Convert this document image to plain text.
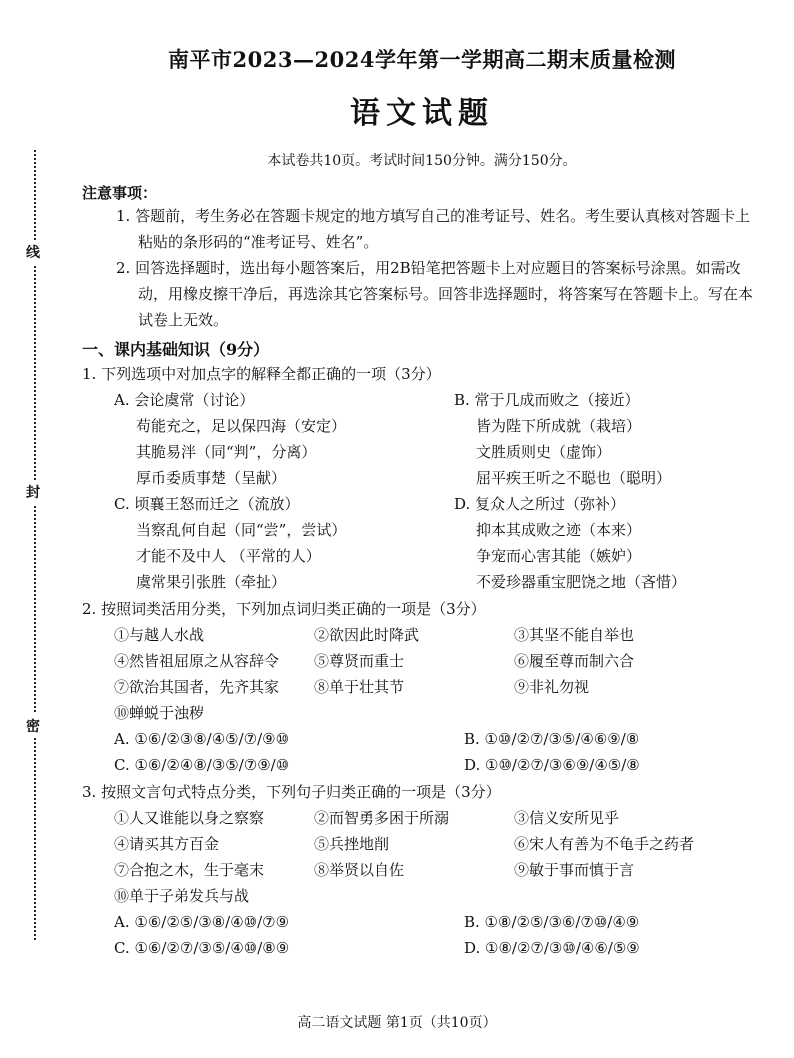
线
封
密
南平市2023—2024学年第一学期高二期末质量检测
语文试题
本试卷共10页。考试时间150分钟。满分150分。
注意事项：
1. 答题前，考生务必在答题卡规定的地方填写自己的准考证号、姓名。考生要认真核对答题卡上粘贴的条形码的“准考证号、姓名”。
2. 回答选择题时，选出每小题答案后，用2B铅笔把答题卡上对应题目的答案标号涂黑。如需改动，用橡皮擦干净后，再选涂其它答案标号。回答非选择题时，将答案写在答题卡上。写在本试卷上无效。
一、课内基础知识（9分）
1. 下列选项中对加点字的解释全都正确的一项（3分）
A. 会论虞常（讨论）
苟能充之，足以保四海（安定）
其脆易泮（同“判”，分离）
厚币委质事楚（呈献）
B. 常于几成而败之（接近）
皆为陛下所成就（栽培）
文胜质则史（虚饰）
屈平疾王听之不聪也（聪明）
C. 顷襄王怒而迁之（流放）
当察乱何自起（同“尝”，尝试）
才能不及中人 （平常的人）
虞常果引张胜（牵扯）
D. 复众人之所过（弥补）
抑本其成败之迹（本来）
争宠而心害其能（嫉妒）
不爱珍器重宝肥饶之地（吝惜）
2. 按照词类活用分类，下列加点词归类正确的一项是（3分）
①与越人水战	②欲因此时降武	③其坚不能自举也
④然皆祖屈原之从容辞令	⑤尊贤而重士	⑥履至尊而制六合
⑦欲治其国者，先齐其家	⑧单于壮其节	⑨非礼勿视
⑩蝉蜕于浊秽
A. ①⑥/②③⑧/④⑤/⑦/⑨⑩	B. ①⑩/②⑦/③⑤/④⑥⑨/⑧
C. ①⑥/②④⑧/③⑤/⑦⑨/⑩	D. ①⑩/②⑦/③⑥⑨/④⑤/⑧
3. 按照文言句式特点分类，下列句子归类正确的一项是（3分）
①人又谁能以身之察察	②而智勇多困于所溺	③信义安所见乎
④请买其方百金	⑤兵挫地削	⑥宋人有善为不龟手之药者
⑦合抱之木，生于毫末	⑧举贤以自佐	⑨敏于事而慎于言
⑩单于子弟发兵与战
A. ①⑥/②⑤/③⑧/④⑩/⑦⑨	B. ①⑧/②⑤/③⑥/⑦⑩/④⑨
C. ①⑥/②⑦/③⑤/④⑩/⑧⑨	D. ①⑧/②⑦/③⑩/④⑥/⑤⑨
高二语文试题 第1页（共10页）
